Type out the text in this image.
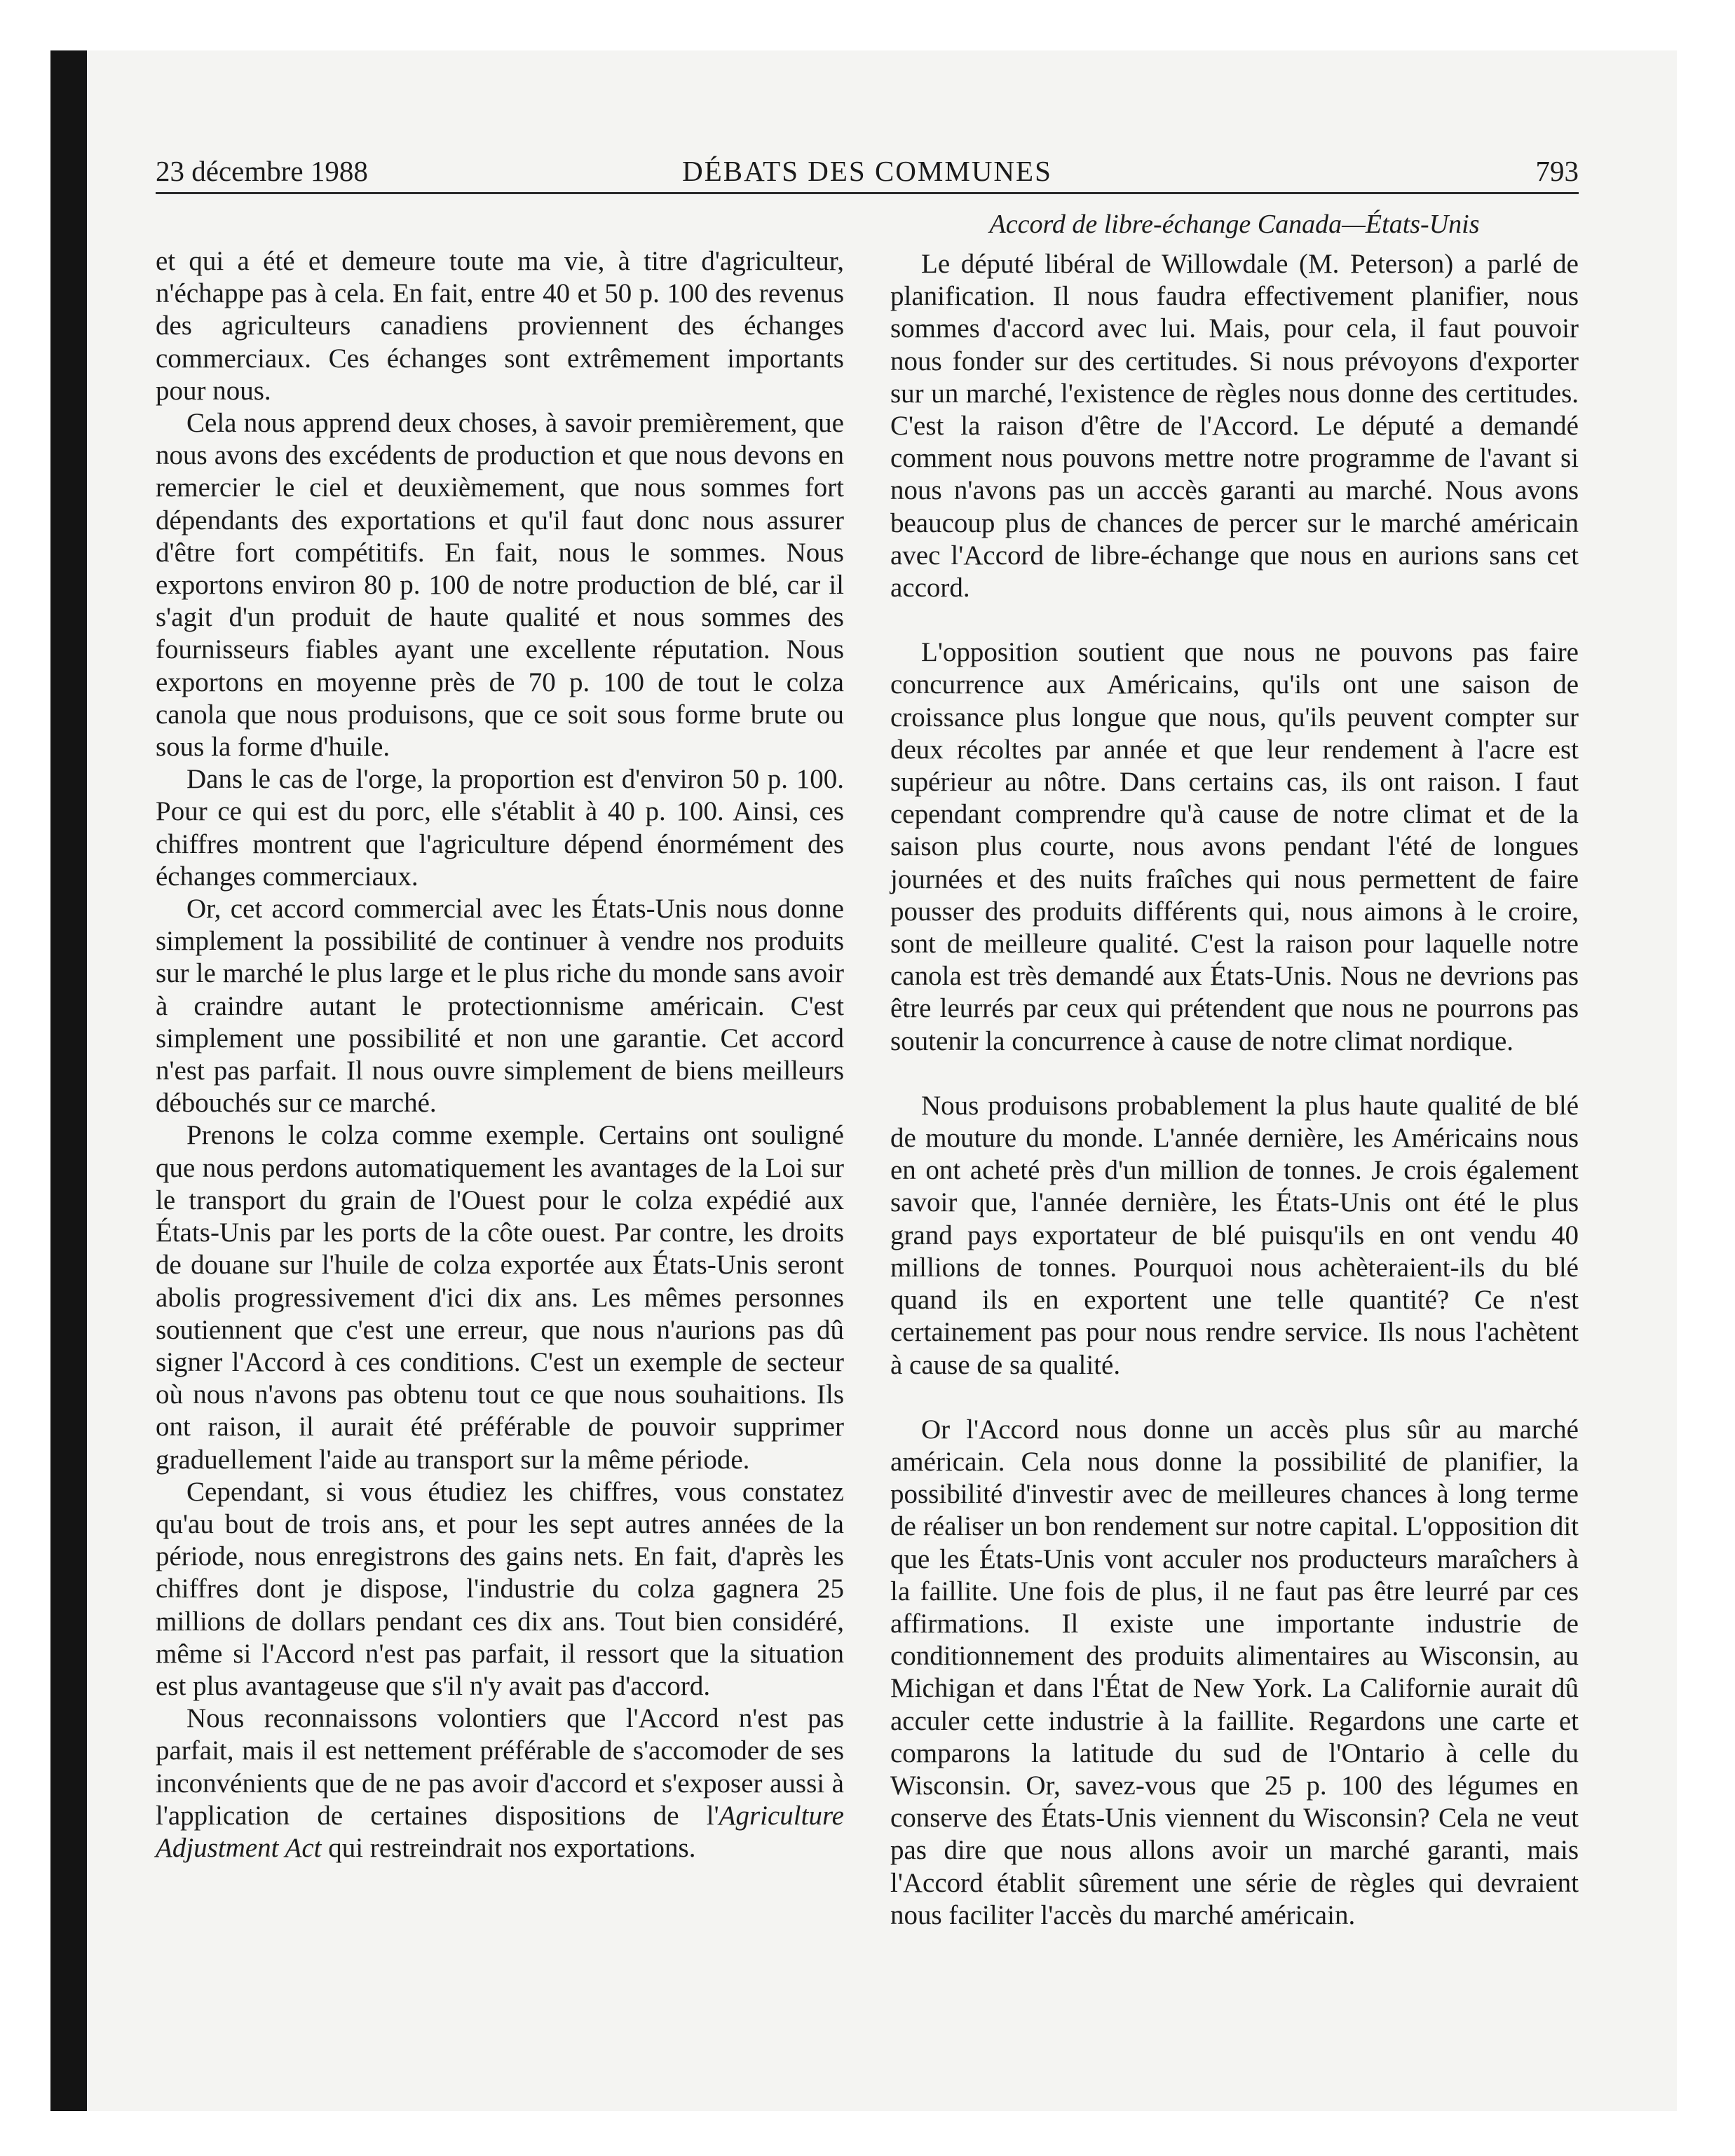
23 décembre 1988	DÉBATS DES COMMUNES	793
Accord de libre-échange Canada—États-Unis

et qui a été et demeure toute ma vie, à titre d'agriculteur, n'échappe pas à cela. En fait, entre 40 et 50 p. 100 des revenus des agriculteurs canadiens proviennent des échanges commerciaux. Ces échanges sont extrêmement importants pour nous.

Cela nous apprend deux choses, à savoir premièrement, que nous avons des excédents de production et que nous devons en remercier le ciel et deuxièmement, que nous sommes fort dépendants des exportations et qu'il faut donc nous assurer d'être fort compétitifs. En fait, nous le sommes. Nous exportons environ 80 p. 100 de notre production de blé, car il s'agit d'un produit de haute qualité et nous sommes des fournisseurs fiables ayant une excellente réputation. Nous exportons en moyenne près de 70 p. 100 de tout le colza canola que nous produisons, que ce soit sous forme brute ou sous la forme d'huile.

Dans le cas de l'orge, la proportion est d'environ 50 p. 100. Pour ce qui est du porc, elle s'établit à 40 p. 100. Ainsi, ces chiffres montrent que l'agriculture dépend énormément des échanges commerciaux.

Or, cet accord commercial avec les États-Unis nous donne simplement la possibilité de continuer à vendre nos produits sur le marché le plus large et le plus riche du monde sans avoir à craindre autant le protectionnisme américain. C'est simplement une possibilité et non une garantie. Cet accord n'est pas parfait. Il nous ouvre simplement de biens meilleurs débouchés sur ce marché.

Prenons le colza comme exemple. Certains ont souligné que nous perdons automatiquement les avantages de la Loi sur le transport du grain de l'Ouest pour le colza expédié aux États-Unis par les ports de la côte ouest. Par contre, les droits de douane sur l'huile de colza exportée aux États-Unis seront abolis progressivement d'ici dix ans. Les mêmes personnes soutiennent que c'est une erreur, que nous n'aurions pas dû signer l'Accord à ces conditions. C'est un exemple de secteur où nous n'avons pas obtenu tout ce que nous souhaitions. Ils ont raison, il aurait été préférable de pouvoir supprimer graduellement l'aide au transport sur la même période.

Cependant, si vous étudiez les chiffres, vous constatez qu'au bout de trois ans, et pour les sept autres années de la période, nous enregistrons des gains nets. En fait, d'après les chiffres dont je dispose, l'industrie du colza gagnera 25 millions de dollars pendant ces dix ans. Tout bien considéré, même si l'Accord n'est pas parfait, il ressort que la situation est plus avantageuse que s'il n'y avait pas d'accord.

Nous reconnaissons volontiers que l'Accord n'est pas parfait, mais il est nettement préférable de s'accomoder de ses inconvénients que de ne pas avoir d'accord et s'exposer aussi à l'application de certaines dispositions de l'Agriculture Adjustment Act qui restreindrait nos exportations.

Le député libéral de Willowdale (M. Peterson) a parlé de planification. Il nous faudra effectivement planifier, nous sommes d'accord avec lui. Mais, pour cela, il faut pouvoir nous fonder sur des certitudes. Si nous prévoyons d'exporter sur un marché, l'existence de règles nous donne des certitudes. C'est la raison d'être de l'Accord. Le député a demandé comment nous pouvons mettre notre programme de l'avant si nous n'avons pas un acccès garanti au marché. Nous avons beaucoup plus de chances de percer sur le marché américain avec l'Accord de libre-échange que nous en aurions sans cet accord.

L'opposition soutient que nous ne pouvons pas faire concurrence aux Américains, qu'ils ont une saison de croissance plus longue que nous, qu'ils peuvent compter sur deux récoltes par année et que leur rendement à l'acre est supérieur au nôtre. Dans certains cas, ils ont raison. I faut cependant comprendre qu'à cause de notre climat et de la saison plus courte, nous avons pendant l'été de longues journées et des nuits fraîches qui nous permettent de faire pousser des produits différents qui, nous aimons à le croire, sont de meilleure qualité. C'est la raison pour laquelle notre canola est très demandé aux États-Unis. Nous ne devrions pas être leurrés par ceux qui prétendent que nous ne pourrons pas soutenir la concurrence à cause de notre climat nordique.

Nous produisons probablement la plus haute qualité de blé de mouture du monde. L'année dernière, les Américains nous en ont acheté près d'un million de tonnes. Je crois également savoir que, l'année dernière, les États-Unis ont été le plus grand pays exportateur de blé puisqu'ils en ont vendu 40 millions de tonnes. Pourquoi nous achèteraient-ils du blé quand ils en exportent une telle quantité? Ce n'est certainement pas pour nous rendre service. Ils nous l'achètent à cause de sa qualité.

Or l'Accord nous donne un accès plus sûr au marché américain. Cela nous donne la possibilité de planifier, la possibilité d'investir avec de meilleures chances à long terme de réaliser un bon rendement sur notre capital. L'opposition dit que les États-Unis vont acculer nos producteurs maraîchers à la faillite. Une fois de plus, il ne faut pas être leurré par ces affirmations. Il existe une importante industrie de conditionnement des produits alimentaires au Wisconsin, au Michigan et dans l'État de New York. La Californie aurait dû acculer cette industrie à la faillite. Regardons une carte et comparons la latitude du sud de l'Ontario à celle du Wisconsin. Or, savez-vous que 25 p. 100 des légumes en conserve des États-Unis viennent du Wisconsin? Cela ne veut pas dire que nous allons avoir un marché garanti, mais l'Accord établit sûrement une série de règles qui devraient nous faciliter l'accès du marché américain.
